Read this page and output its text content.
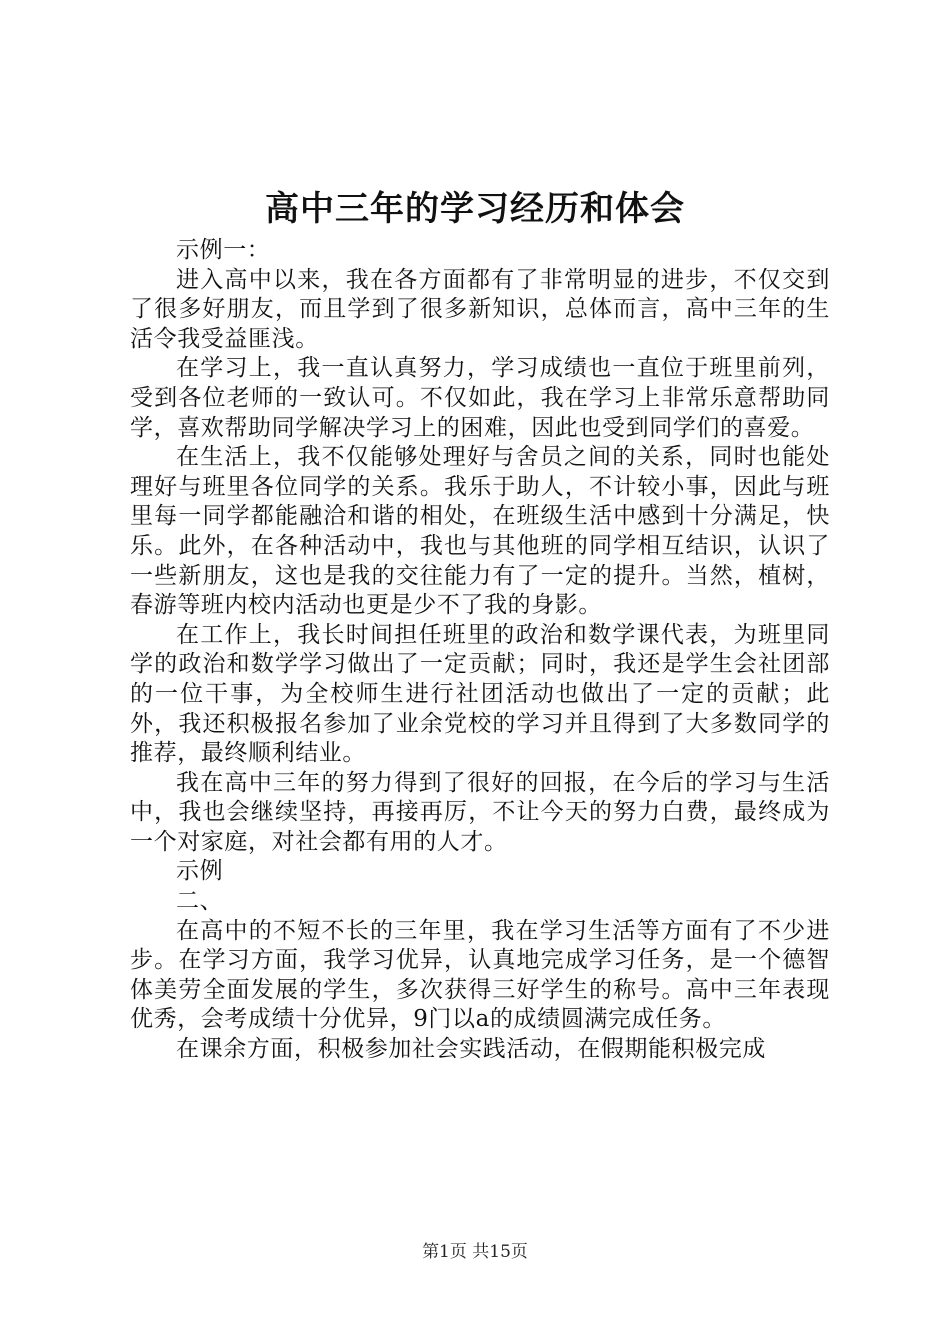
高中三年的学习经历和体会

示例一：

进入高中以来，我在各方面都有了非常明显的进步，不仅交到了很多好朋友，而且学到了很多新知识，总体而言，高中三年的生活令我受益匪浅。

在学习上，我一直认真努力，学习成绩也一直位于班里前列，受到各位老师的一致认可。不仅如此，我在学习上非常乐意帮助同学，喜欢帮助同学解决学习上的困难，因此也受到同学们的喜爱。

在生活上，我不仅能够处理好与舍员之间的关系，同时也能处理好与班里各位同学的关系。我乐于助人，不计较小事，因此与班里每一同学都能融洽和谐的相处，在班级生活中感到十分满足，快乐。此外，在各种活动中，我也与其他班的同学相互结识，认识了一些新朋友，这也是我的交往能力有了一定的提升。当然，植树，春游等班内校内活动也更是少不了我的身影。

在工作上，我长时间担任班里的政治和数学课代表，为班里同学的政治和数学学习做出了一定贡献；同时，我还是学生会社团部的一位干事，为全校师生进行社团活动也做出了一定的贡献；此外，我还积极报名参加了业余党校的学习并且得到了大多数同学的推荐，最终顺利结业。

我在高中三年的努力得到了很好的回报，在今后的学习与生活中，我也会继续坚持，再接再厉，不让今天的努力白费，最终成为一个对家庭，对社会都有用的人才。

示例

二、

在高中的不短不长的三年里，我在学习生活等方面有了不少进步。在学习方面，我学习优异，认真地完成学习任务，是一个德智体美劳全面发展的学生，多次获得三好学生的称号。高中三年表现优秀，会考成绩十分优异，9门以a的成绩圆满完成任务。

在课余方面，积极参加社会实践活动，在假期能积极完成

第1页 共15页
